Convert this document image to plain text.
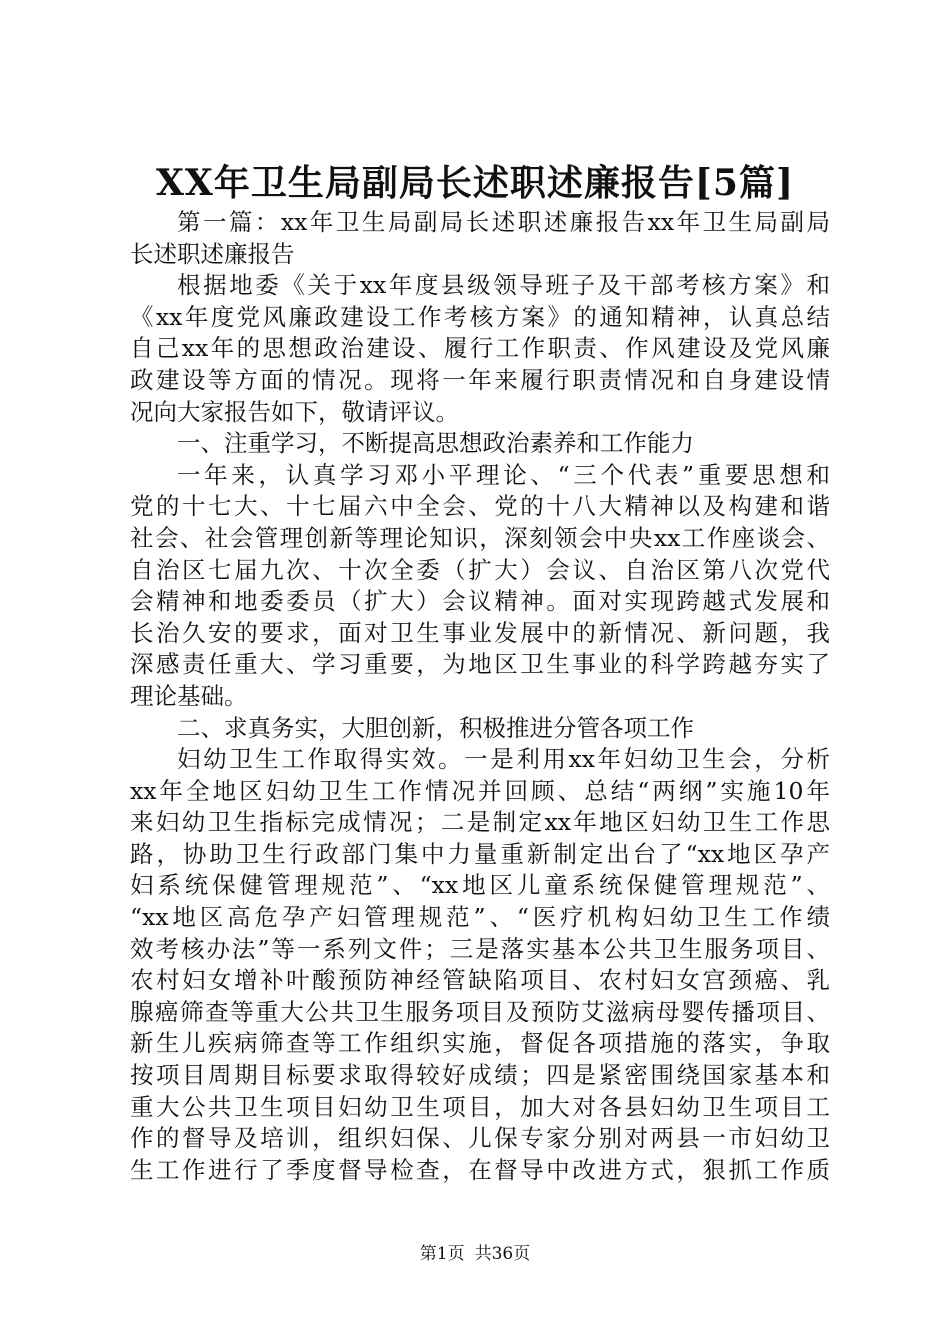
XX年卫生局副局长述职述廉报告[5篇]
第一篇：xx年卫生局副局长述职述廉报告xx年卫生局副局
长述职述廉报告
根据地委《关于xx年度县级领导班子及干部考核方案》和
《xx年度党风廉政建设工作考核方案》的通知精神，认真总结
自己xx年的思想政治建设、履行工作职责、作风建设及党风廉
政建设等方面的情况。现将一年来履行职责情况和自身建设情
况向大家报告如下，敬请评议。
一、注重学习，不断提高思想政治素养和工作能力
一年来，认真学习邓小平理论、“三个代表”重要思想和
党的十七大、十七届六中全会、党的十八大精神以及构建和谐
社会、社会管理创新等理论知识，深刻领会中央xx工作座谈会、
自治区七届九次、十次全委（扩大）会议、自治区第八次党代
会精神和地委委员（扩大）会议精神。面对实现跨越式发展和
长治久安的要求，面对卫生事业发展中的新情况、新问题，我
深感责任重大、学习重要，为地区卫生事业的科学跨越夯实了
理论基础。
二、求真务实，大胆创新，积极推进分管各项工作
妇幼卫生工作取得实效。一是利用xx年妇幼卫生会，分析
xx年全地区妇幼卫生工作情况并回顾、总结“两纲”实施10年
来妇幼卫生指标完成情况；二是制定xx年地区妇幼卫生工作思
路，协助卫生行政部门集中力量重新制定出台了“xx地区孕产
妇系统保健管理规范”、“xx地区儿童系统保健管理规范”、
“xx地区高危孕产妇管理规范”、“医疗机构妇幼卫生工作绩
效考核办法”等一系列文件；三是落实基本公共卫生服务项目、
农村妇女增补叶酸预防神经管缺陷项目、农村妇女宫颈癌、乳
腺癌筛查等重大公共卫生服务项目及预防艾滋病母婴传播项目、
新生儿疾病筛查等工作组织实施，督促各项措施的落实，争取
按项目周期目标要求取得较好成绩；四是紧密围绕国家基本和
重大公共卫生项目妇幼卫生项目，加大对各县妇幼卫生项目工
作的督导及培训，组织妇保、儿保专家分别对两县一市妇幼卫
生工作进行了季度督导检查，在督导中改进方式，狠抓工作质
第1页 共36页
